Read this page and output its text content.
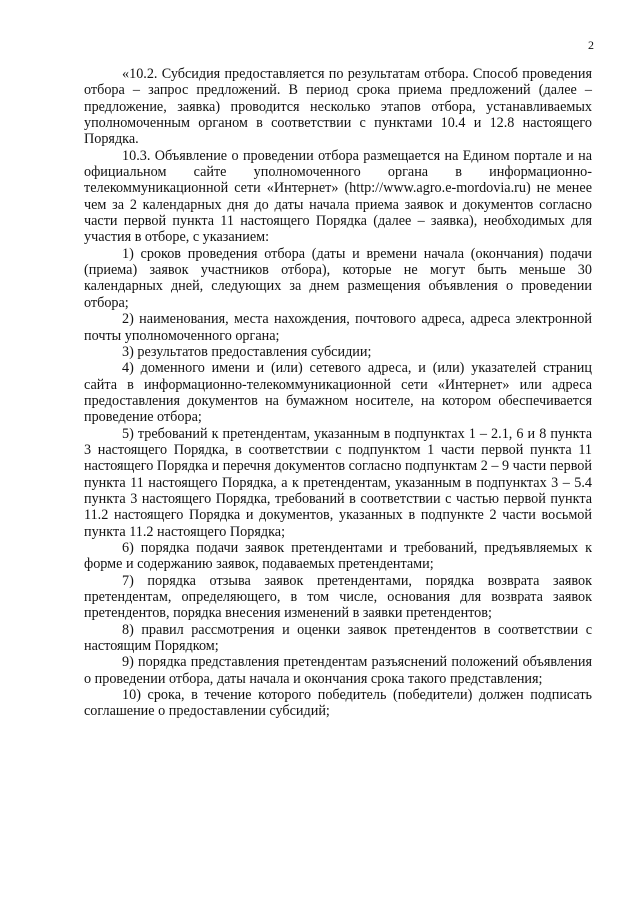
2

«10.2. Субсидия предоставляется по результатам отбора. Способ проведения отбора – запрос предложений. В период срока приема предложений (далее – предложение, заявка) проводится несколько этапов отбора, устанавливаемых уполномоченным органом в соответствии с пунктами 10.4 и 12.8 настоящего Порядка.

10.3. Объявление о проведении отбора размещается на Едином портале и на официальном сайте уполномоченного органа в информационно-телекоммуникационной сети «Интернет» (http://www.agro.e-mordovia.ru) не менее чем за 2 календарных дня до даты начала приема заявок и документов согласно части первой пункта 11 настоящего Порядка (далее – заявка), необходимых для участия в отборе, с указанием:

1) сроков проведения отбора (даты и времени начала (окончания) подачи (приема) заявок участников отбора), которые не могут быть меньше 30 календарных дней, следующих за днем размещения объявления о проведении отбора;

2) наименования, места нахождения, почтового адреса, адреса электронной почты уполномоченного органа;

3) результатов предоставления субсидии;

4) доменного имени и (или) сетевого адреса, и (или) указателей страниц сайта в информационно-телекоммуникационной сети «Интернет» или адреса предоставления документов на бумажном носителе, на котором обеспечивается проведение отбора;

5) требований к претендентам, указанным в подпунктах 1 – 2.1, 6 и 8 пункта 3 настоящего Порядка, в соответствии с подпунктом 1 части первой пункта 11 настоящего Порядка и перечня документов согласно подпунктам 2 – 9 части первой пункта 11 настоящего Порядка, а к претендентам, указанным в подпунктах 3 – 5.4 пункта 3 настоящего Порядка, требований в соответствии с частью первой пункта 11.2 настоящего Порядка и документов, указанных в подпункте 2 части восьмой пункта 11.2 настоящего Порядка;

6) порядка подачи заявок претендентами и требований, предъявляемых к форме и содержанию заявок, подаваемых претендентами;

7) порядка отзыва заявок претендентами, порядка возврата заявок претендентам, определяющего, в том числе, основания для возврата заявок претендентов, порядка внесения изменений в заявки претендентов;

8) правил рассмотрения и оценки заявок претендентов в соответствии с настоящим Порядком;

9) порядка представления претендентам разъяснений положений объявления о проведении отбора, даты начала и окончания срока такого представления;

10) срока, в течение которого победитель (победители) должен подписать соглашение о предоставлении субсидий;
